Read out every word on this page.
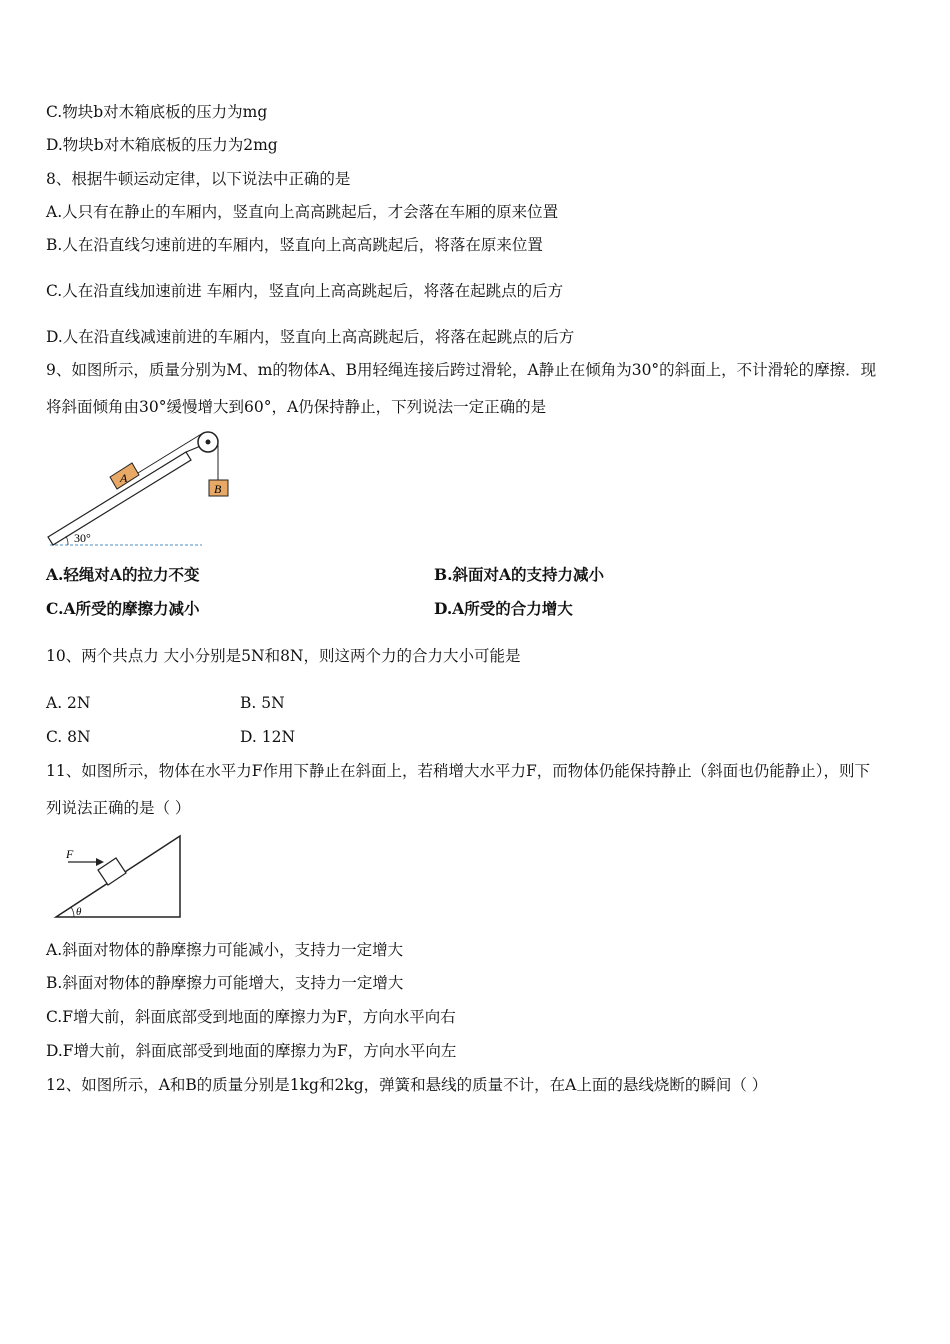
C.物块b对木箱底板的压力为mg
D.物块b对木箱底板的压力为2mg
8、根据牛顿运动定律，以下说法中正确的是
A.人只有在静止的车厢内，竖直向上高高跳起后，才会落在车厢的原来位置
B.人在沿直线匀速前进的车厢内，竖直向上高高跳起后，将落在原来位置
C.人在沿直线加速前进 车厢内，竖直向上高高跳起后，将落在起跳点的后方
D.人在沿直线减速前进的车厢内，竖直向上高高跳起后，将落在起跳点的后方
9、如图所示，质量分别为M、m的物体A、B用轻绳连接后跨过滑轮，A静止在倾角为30°的斜面上，不计滑轮的摩擦．现
将斜面倾角由30°缓慢增大到60°，A仍保持静止，下列说法一定正确的是
A
B
30°
A.轻绳对A的拉力不变	B.斜面对A的支持力减小
C.A所受的摩擦力减小	D.A所受的合力增大
10、两个共点力 大小分别是5N和8N，则这两个力的合力大小可能是
A. 2N	B. 5N
C. 8N	D. 12N
11、如图所示，物体在水平力F作用下静止在斜面上，若稍增大水平力F，而物体仍能保持静止（斜面也仍能静止），则下
列说法正确的是（ ）
F
θ
A.斜面对物体的静摩擦力可能减小，支持力一定增大
B.斜面对物体的静摩擦力可能增大，支持力一定增大
C.F增大前，斜面底部受到地面的摩擦力为F，方向水平向右
D.F增大前，斜面底部受到地面的摩擦力为F，方向水平向左
12、如图所示，A和B的质量分别是1kg和2kg，弹簧和悬线的质量不计，在A上面的悬线烧断的瞬间（ ）
